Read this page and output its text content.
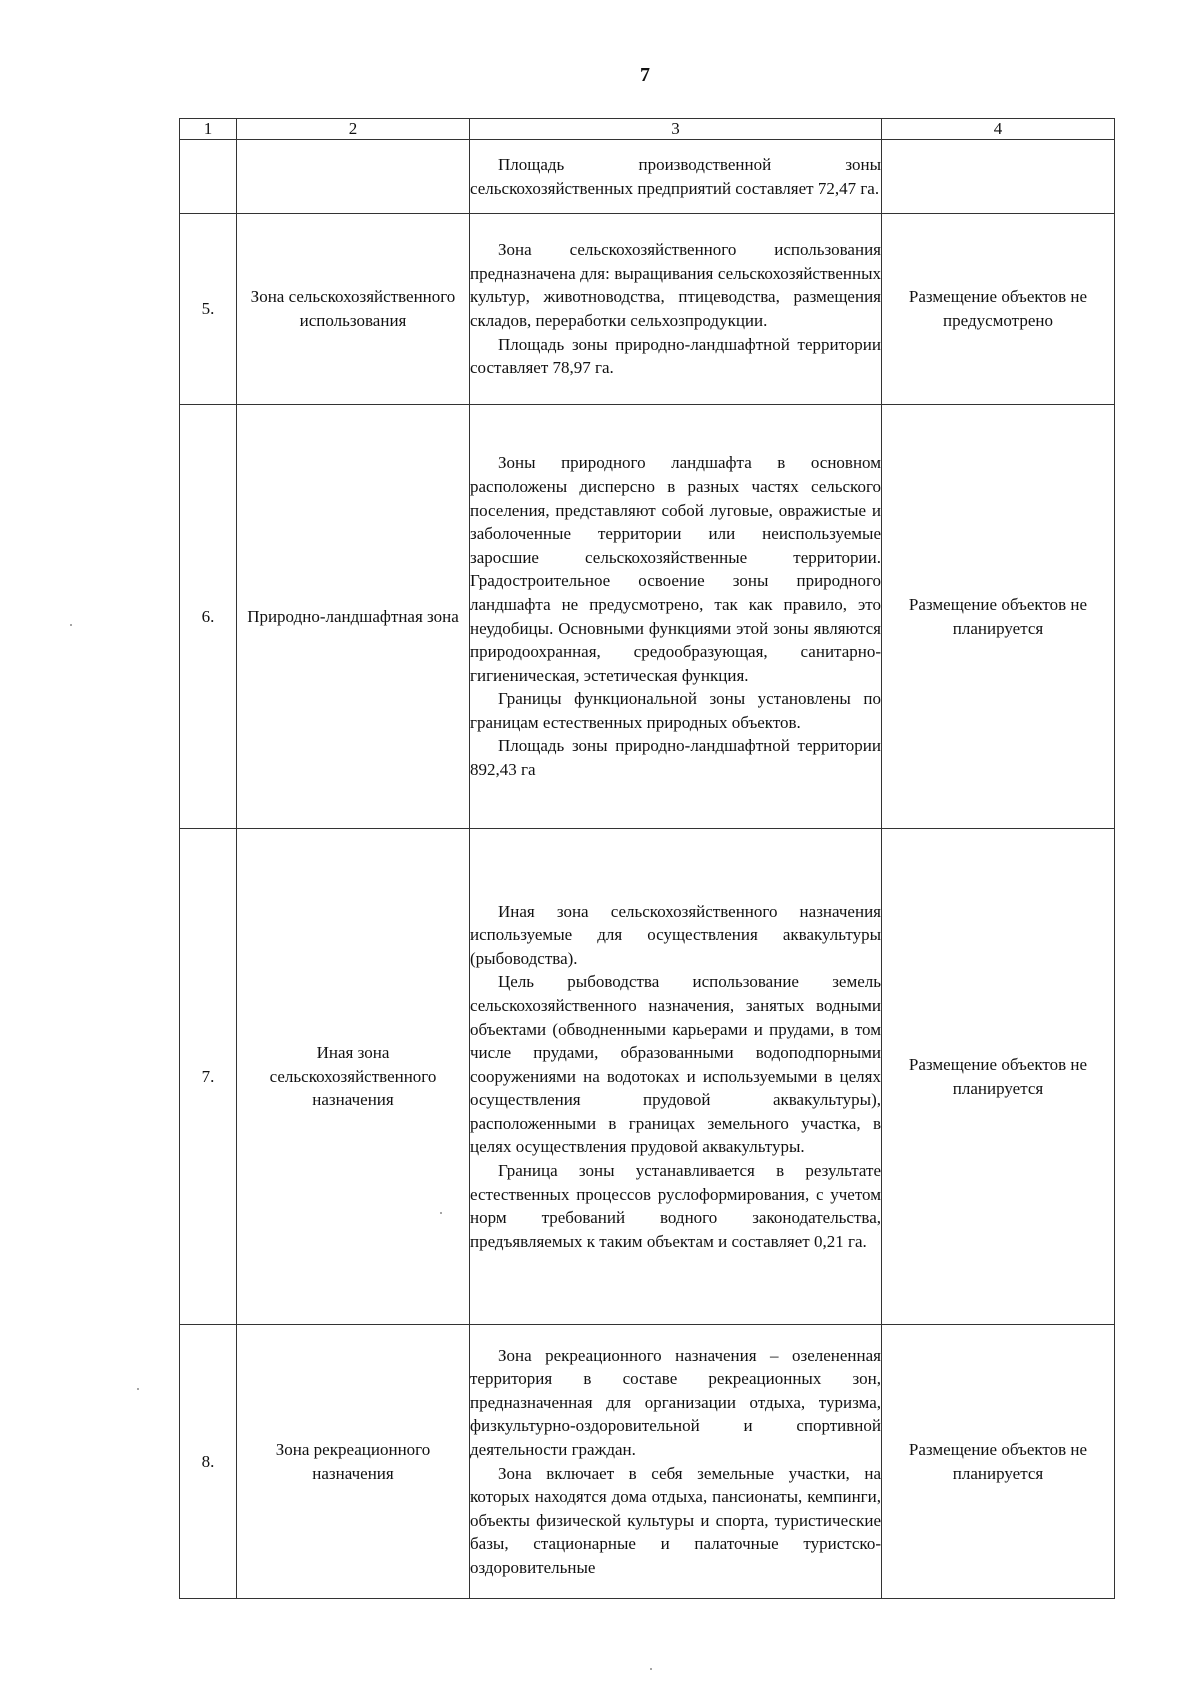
7
1	2	3	4

		Площадь производственной зоны сельскохозяйственных предприятий составляет 72,47 га.	

5.	Зона сельскохозяйственного использования	Зона сельскохозяйственного использования предназначена для: выращивания сельскохозяйственных культур, животноводства, птицеводства, размещения складов, переработки сельхозпродукции.

Площадь зоны природно-ландшафтной территории составляет 78,97 га.	Размещение объектов не предусмотрено
6.	Природно-ландшафтная зона	Зоны природного ландшафта в основном расположены дисперсно в разных частях сельского поселения, представляют собой луговые, овражистые и заболоченные территории или неиспользуемые заросшие сельскохозяйственные территории. Градостроительное освоение зоны природного ландшафта не предусмотрено, так как правило, это неудобицы. Основными функциями этой зоны являются природоохранная, средообразующая, санитарно-гигиеническая, эстетическая функция.

Границы функциональной зоны установлены по границам естественных природных объектов.

Площадь зоны природно-ландшафтной территории 892,43 га	Размещение объектов не планируется
7.	Иная зона сельскохозяйственного назначения	Иная зона сельскохозяйственного назначения используемые для осуществления аквакультуры (рыбоводства).

Цель рыбоводства использование земель сельскохозяйственного назначения, занятых водными объектами (обводненными карьерами и прудами, в том числе прудами, образованными водоподпорными сооружениями на водотоках и используемыми в целях осуществления прудовой аквакультуры), расположенными в границах земельного участка, в целях осуществления прудовой аквакультуры.

Граница зоны устанавливается в результате естественных процессов руслоформирования, с учетом норм требований водного законодательства, предъявляемых к таким объектам и составляет 0,21 га.	Размещение объектов не планируется
8.	Зона рекреационного назначения	Зона рекреационного назначения – озелененная территория в составе рекреационных зон, предназначенная для организации отдыха, туризма, физкультурно-оздоровительной и спортивной деятельности граждан.

Зона включает в себя земельные участки, на которых находятся дома отдыха, пансионаты, кемпинги, объекты физической культуры и спорта, туристические базы, стационарные и палаточные туристско-оздоровительные	Размещение объектов не планируется
